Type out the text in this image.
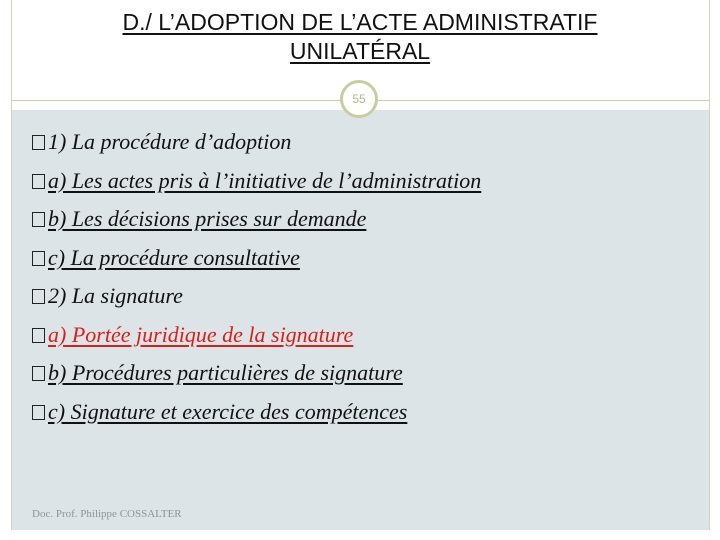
D./ L’ADOPTION DE L’ACTE ADMINISTRATIF
UNILATÉRAL
55
1) La procédure d’adoption
a) Les actes pris à l’initiative de l’administration
b) Les décisions prises sur demande
c) La procédure consultative
2) La signature
a) Portée juridique de la signature
b) Procédures particulières de signature
c) Signature et exercice des compétences
Doc. Prof. Philippe COSSALTER
